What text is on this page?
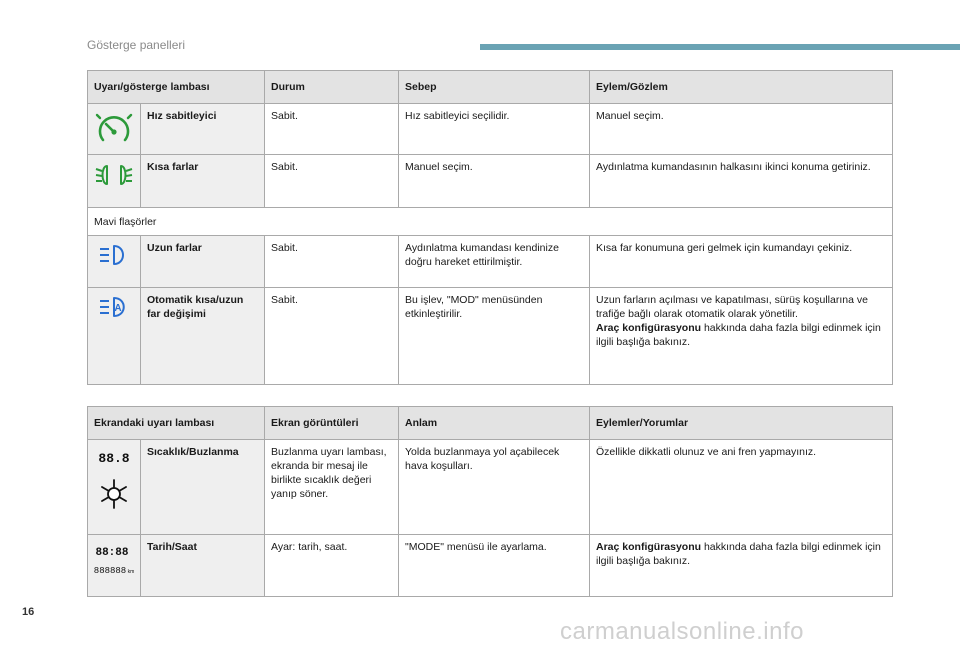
Gösterge panelleri
Uyarı/gösterge lambası		Durum	Sebep	Eylem/Gözlem

	Hız sabitleyici	Sabit.	Hız sabitleyici seçilidir.	Manuel seçim.

	Kısa farlar	Sabit.	Manuel seçim.	Aydınlatma kumandasının halkasını ikinci konuma getiriniz.
Mavi flaşörler				

	Uzun farlar	Sabit.	Aydınlatma kumandası kendinize doğru hareket ettirilmiştir.	Kısa far konumuna geri gelmek için kumandayı çekiniz.

A	Otomatik kısa/uzun far değişimi	Sabit.	Bu işlev, "MOD" menüsünden etkinleştirilir.	Uzun farların açılması ve kapatılması, sürüş koşullarına ve trafiğe bağlı olarak otomatik olarak yönetilir.
Araç konfigürasyonu hakkında daha fazla bilgi edinmek için ilgili başlığa bakınız.
Ekrandaki uyarı lambası		Ekran görüntüleri	Anlam	Eylemler/Yorumlar

88.8	Sıcaklık/Buzlanma	Buzlanma uyarı lambası, ekranda bir mesaj ile birlikte sıcaklık değeri yanıp söner.	Yolda buzlanmaya yol açabilecek hava koşulları.	Özellikle dikkatli olunuz ve ani fren yapmayınız.

88:88
888888 km	Tarih/Saat	Ayar: tarih, saat.	"MODE" menüsü ile ayarlama.	Araç konfigürasyonu hakkında daha fazla bilgi edinmek için ilgili başlığa bakınız.
16
carmanualsonline.info
